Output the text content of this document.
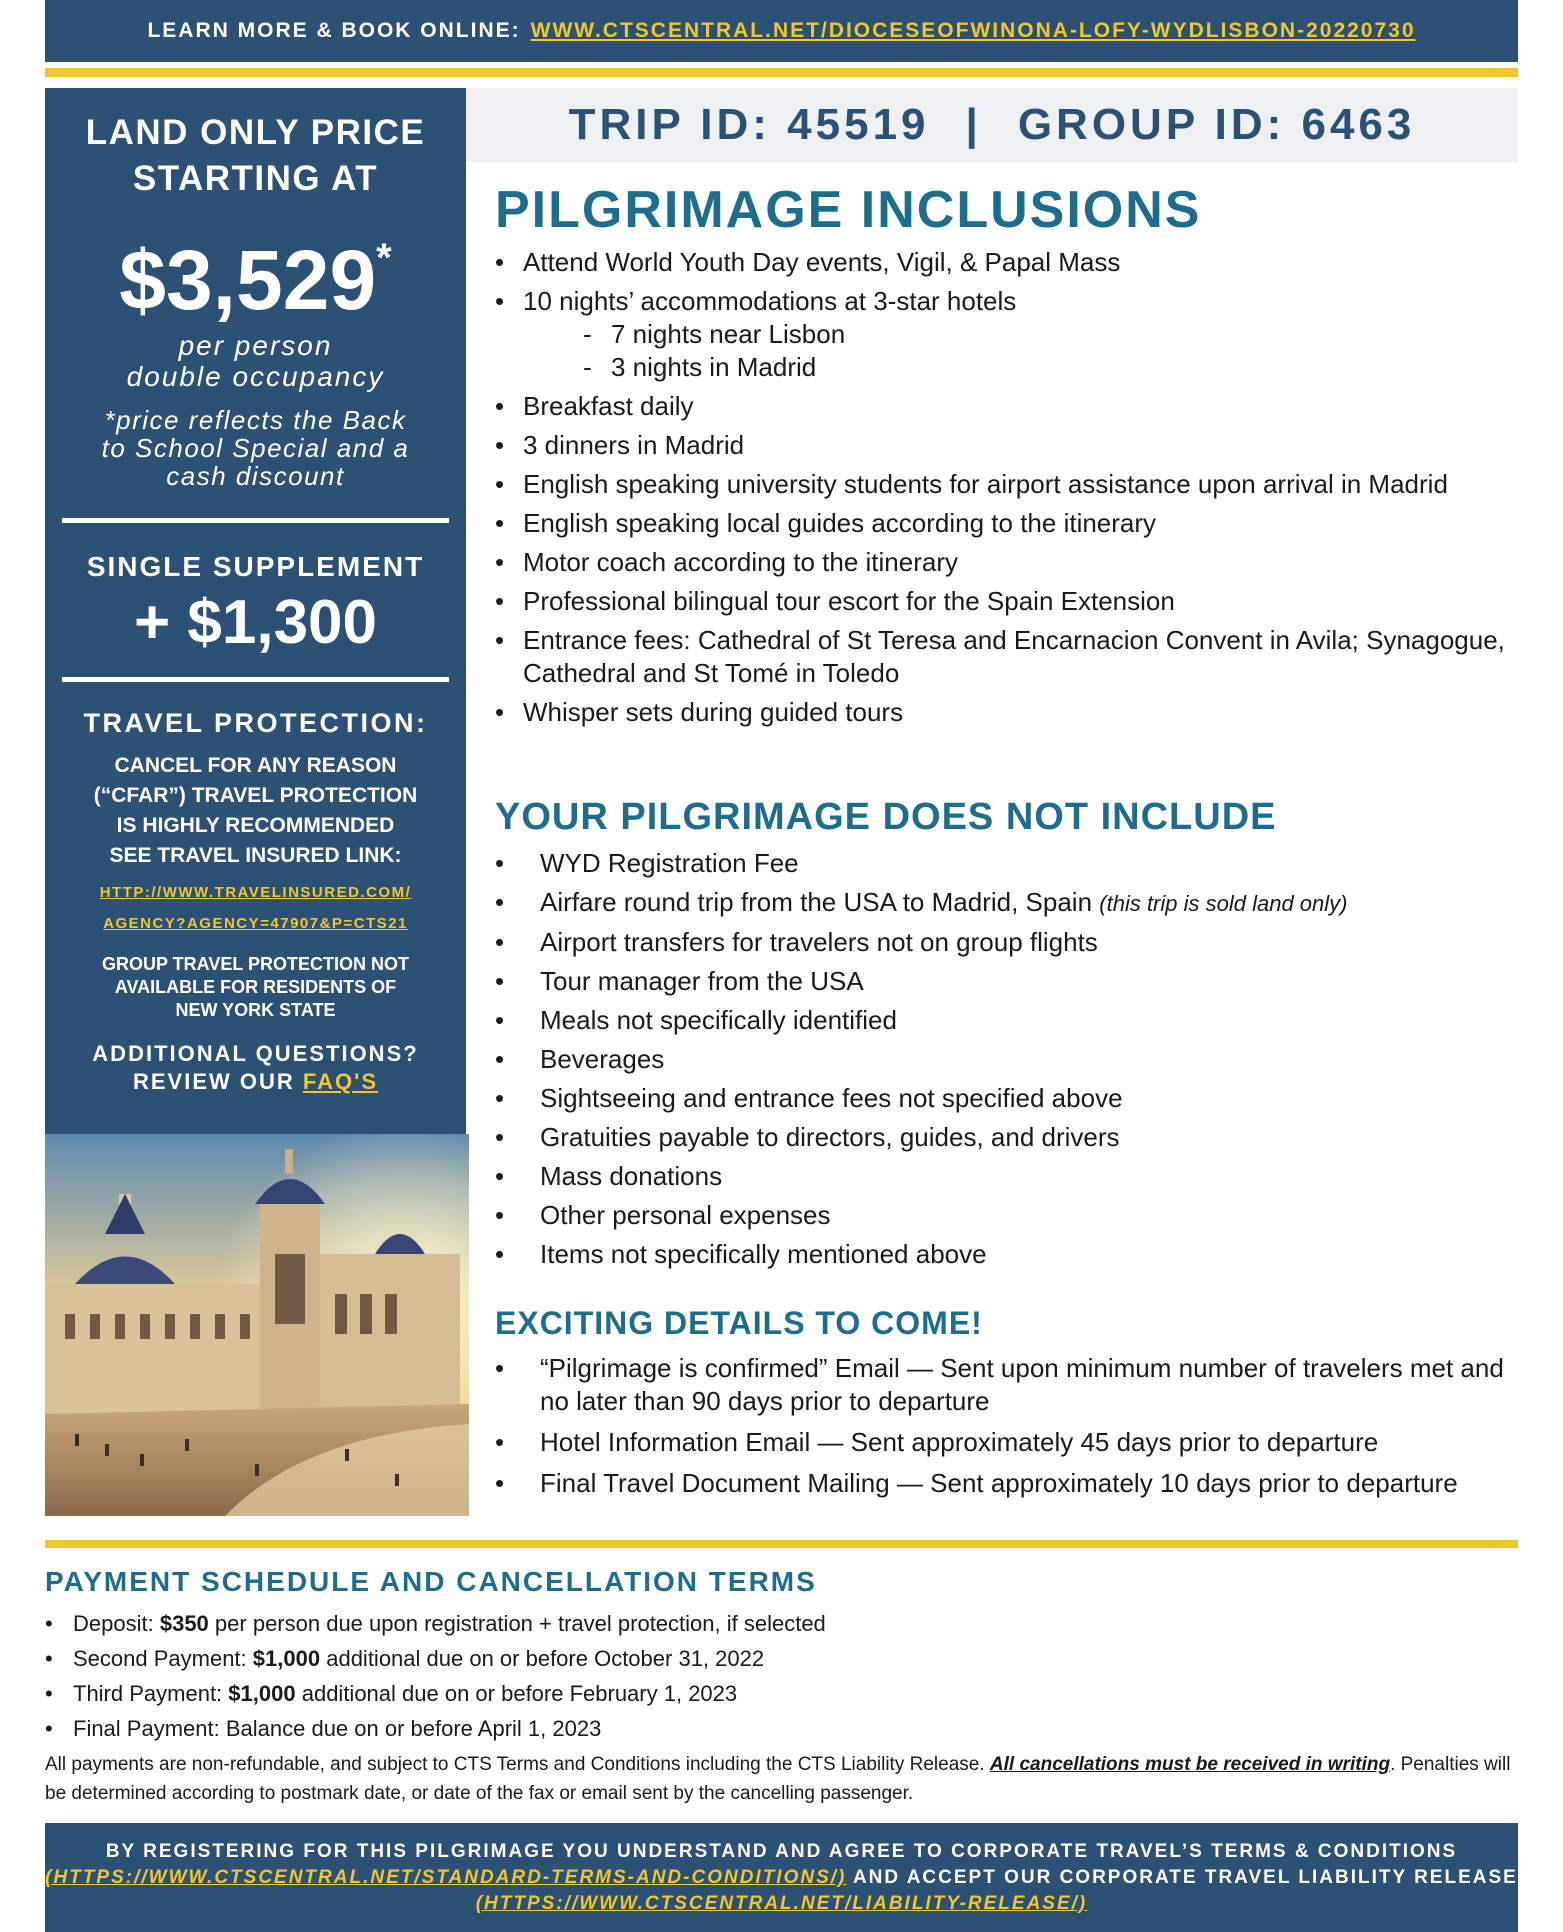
LEARN MORE & BOOK ONLINE: WWW.CTSCENTRAL.NET/DIOCESEOFWINONA-LOFY-WYDLISBON-20220730
LAND ONLY PRICE
STARTING AT
$3,529*
per person
double occupancy
*price reflects the Back
to School Special and a
cash discount
SINGLE SUPPLEMENT
+ $1,300
TRAVEL PROTECTION:
CANCEL FOR ANY REASON
(“CFAR”) TRAVEL PROTECTION
IS HIGHLY RECOMMENDED
SEE TRAVEL INSURED LINK:
HTTP://WWW.TRAVELINSURED.COM/
AGENCY?AGENCY=47907&P=CTS21
GROUP TRAVEL PROTECTION NOT
AVAILABLE FOR RESIDENTS OF
NEW YORK STATE
ADDITIONAL QUESTIONS?
REVIEW OUR FAQ'S
TRIP ID: 45519 | GROUP ID: 6463
PILGRIMAGE INCLUSIONS
• Attend World Youth Day events, Vigil, & Papal Mass
• 10 nights’ accommodations at 3-star hotels
- 7 nights near Lisbon
- 3 nights in Madrid
• Breakfast daily
• 3 dinners in Madrid
• English speaking university students for airport assistance upon arrival in Madrid
• English speaking local guides according to the itinerary
• Motor coach according to the itinerary
• Professional bilingual tour escort for the Spain Extension
• Entrance fees: Cathedral of St Teresa and Encarnacion Convent in Avila; Synagogue, Cathedral and St Tomé in Toledo
• Whisper sets during guided tours
YOUR PILGRIMAGE DOES NOT INCLUDE
• WYD Registration Fee
• Airfare round trip from the USA to Madrid, Spain (this trip is sold land only)
• Airport transfers for travelers not on group flights
• Tour manager from the USA
• Meals not specifically identified
• Beverages
• Sightseeing and entrance fees not specified above
• Gratuities payable to directors, guides, and drivers
• Mass donations
• Other personal expenses
• Items not specifically mentioned above
EXCITING DETAILS TO COME!
• “Pilgrimage is confirmed” Email — Sent upon minimum number of travelers met and no later than 90 days prior to departure
• Hotel Information Email — Sent approximately 45 days prior to departure
• Final Travel Document Mailing — Sent approximately 10 days prior to departure
PAYMENT SCHEDULE AND CANCELLATION TERMS
• Deposit: $350 per person due upon registration + travel protection, if selected
• Second Payment: $1,000 additional due on or before October 31, 2022
• Third Payment: $1,000 additional due on or before February 1, 2023
• Final Payment: Balance due on or before April 1, 2023
All payments are non-refundable, and subject to CTS Terms and Conditions including the CTS Liability Release. All cancellations must be received in writing. Penalties will be determined according to postmark date, or date of the fax or email sent by the cancelling passenger.
BY REGISTERING FOR THIS PILGRIMAGE YOU UNDERSTAND AND AGREE TO CORPORATE TRAVEL’S TERMS & CONDITIONS
(HTTPS://WWW.CTSCENTRAL.NET/STANDARD-TERMS-AND-CONDITIONS/) AND ACCEPT OUR CORPORATE TRAVEL LIABILITY RELEASE
(HTTPS://WWW.CTSCENTRAL.NET/LIABILITY-RELEASE/)
